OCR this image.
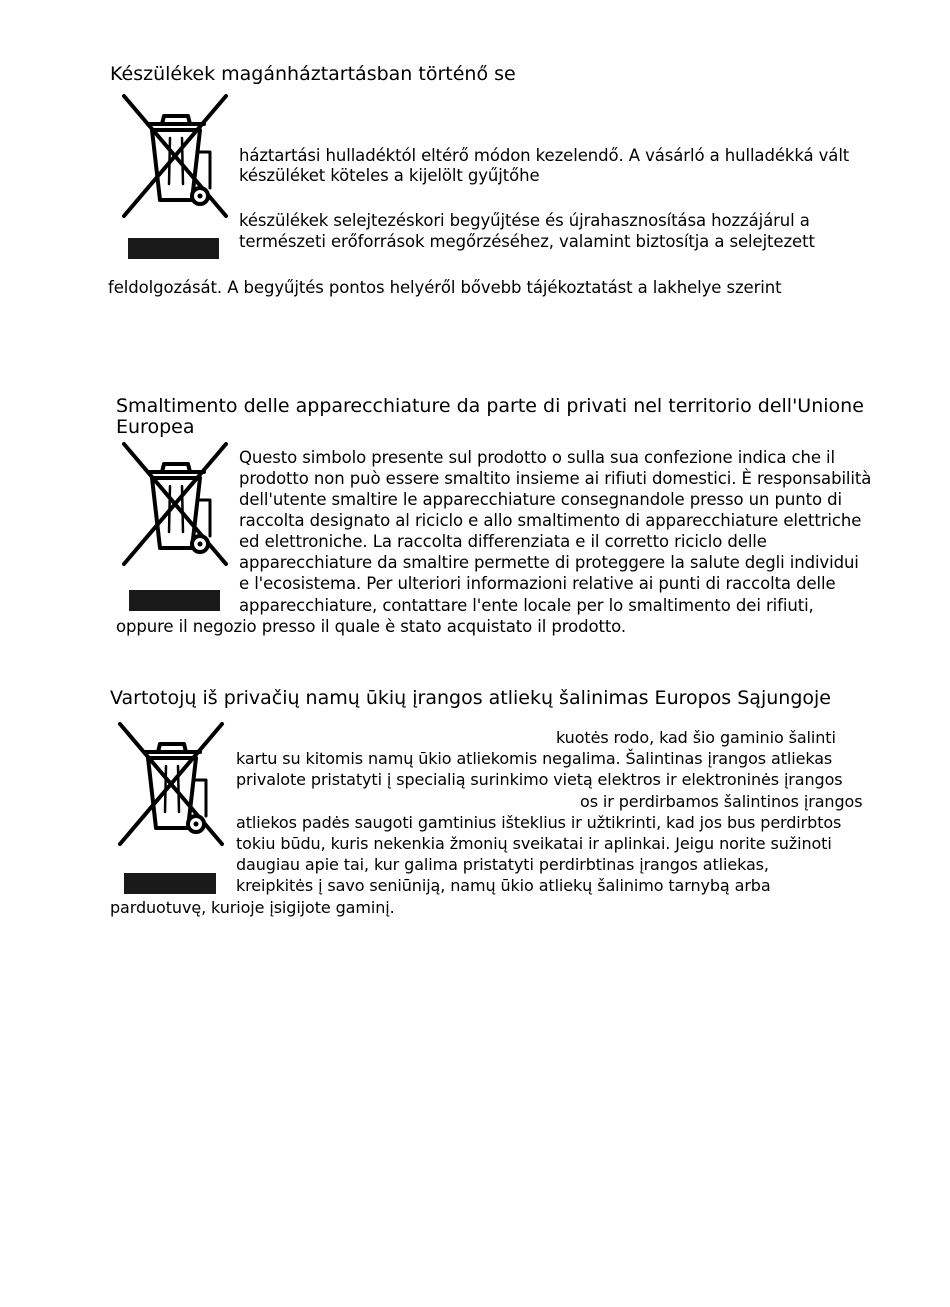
Készülékek magánháztartásban történő se

háztartási hulladéktól eltérő módon kezelendő. A vásárló a hulladékká vált

készüléket köteles a kijelölt gyűjtőhe

készülékek selejtezéskori begyűjtése és újrahasznosítása hozzájárul a

természeti erőforrások megőrzéséhez, valamint biztosítja a selejtezett

feldolgozását. A begyűjtés pontos helyéről bővebb tájékoztatást a lakhelye szerint

Smaltimento delle apparecchiature da parte di privati nel territorio dell'Unione Europea

Questo simbolo presente sul prodotto o sulla sua confezione indica che il

prodotto non può essere smaltito insieme ai rifiuti domestici. È responsabilità

dell'utente smaltire le apparecchiature consegnandole presso un punto di

raccolta designato al riciclo e allo smaltimento di apparecchiature elettriche

ed elettroniche. La raccolta differenziata e il corretto riciclo delle

apparecchiature da smaltire permette di proteggere la salute degli individui

e l'ecosistema. Per ulteriori informazioni relative ai punti di raccolta delle

apparecchiature, contattare l'ente locale per lo smaltimento dei rifiuti,

oppure il negozio presso il quale è stato acquistato il prodotto.

Vartotojų iš privačių namų ūkių įrangos atliekų šalinimas Europos Sąjungoje

kuotės rodo, kad šio gaminio šalinti

kartu su kitomis namų ūkio atliekomis negalima. Šalintinas įrangos atliekas

privalote pristatyti į specialią surinkimo vietą elektros ir elektroninės įrangos

os ir perdirbamos šalintinos įrangos

atliekos padės saugoti gamtinius išteklius ir užtikrinti, kad jos bus perdirbtos

tokiu būdu, kuris nekenkia žmonių sveikatai ir aplinkai. Jeigu norite sužinoti

daugiau apie tai, kur galima pristatyti perdirbtinas įrangos atliekas,

kreipkitės į savo seniūniją, namų ūkio atliekų šalinimo tarnybą arba

parduotuvę, kurioje įsigijote gaminį.
